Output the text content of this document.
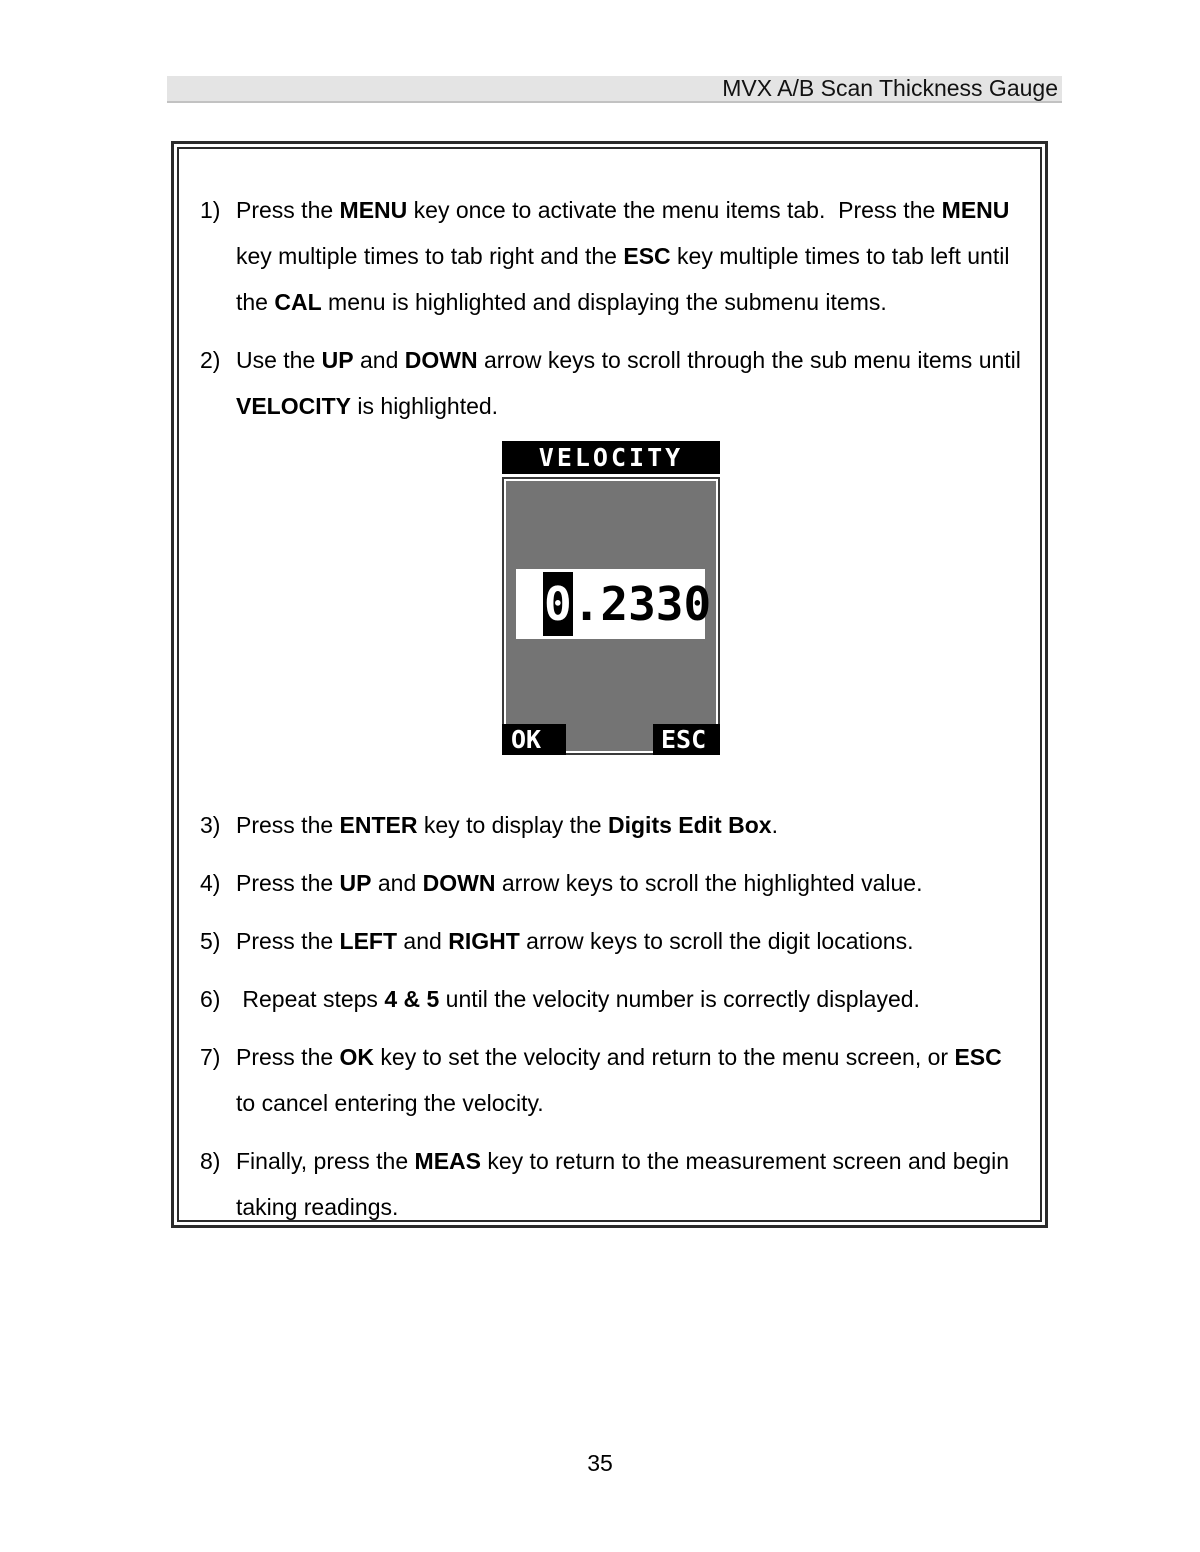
MVX A/B Scan Thickness Gauge
1) Press the MENU key once to activate the menu items tab.  Press the MENU key multiple times to tab right and the ESC key multiple times to tab left until the CAL menu is highlighted and displaying the submenu items.
2) Use the UP and DOWN arrow keys to scroll through the sub menu items until VELOCITY is highlighted.
VELOCITY
0 .2330
OK	ESC
3) Press the ENTER key to display the Digits Edit Box.
4) Press the UP and DOWN arrow keys to scroll the highlighted value.
5) Press the LEFT and RIGHT arrow keys to scroll the digit locations.
6) Repeat steps 4 & 5 until the velocity number is correctly displayed.
7) Press the OK key to set the velocity and return to the menu screen, or ESC to cancel entering the velocity.
8) Finally, press the MEAS key to return to the measurement screen and begin taking readings.
35
